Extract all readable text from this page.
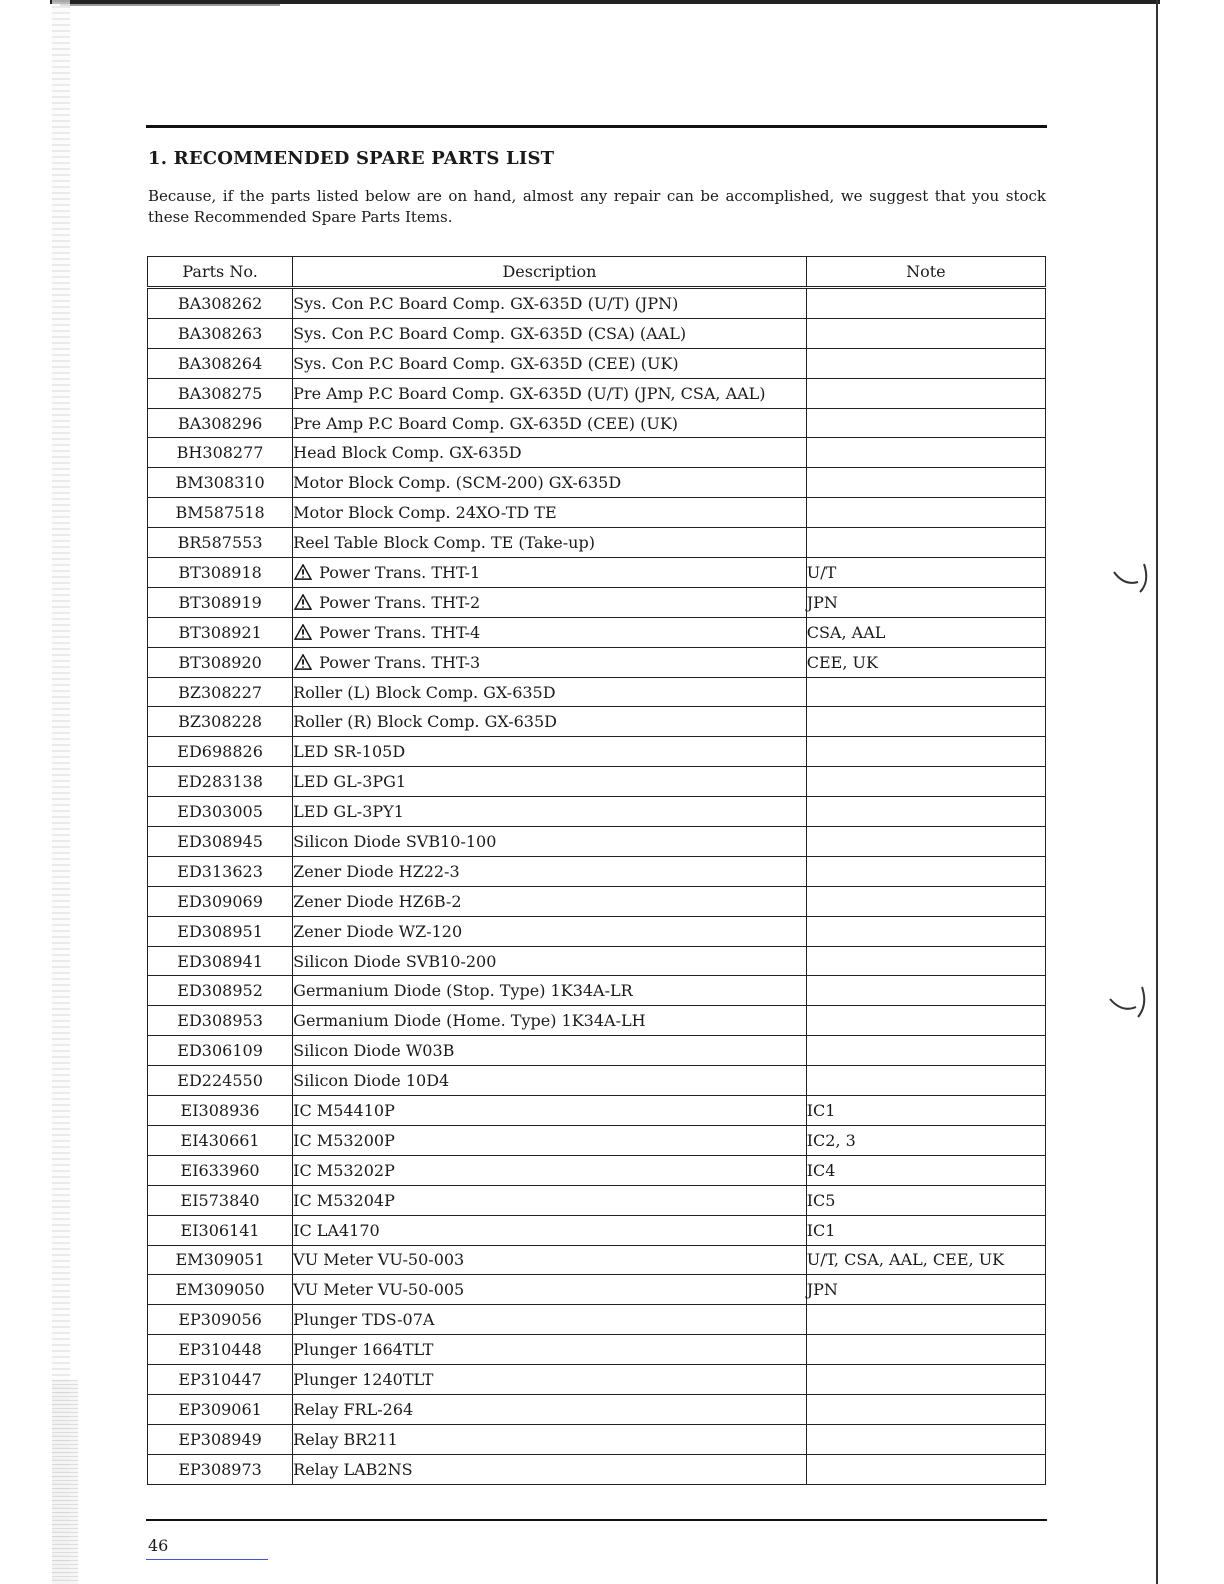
1. RECOMMENDED SPARE PARTS LIST
Because, if the parts listed below are on hand, almost any repair can be accomplished, we suggest that you stock these Recommended Spare Parts Items.
Parts No.	Description	Note
BA308262	Sys. Con P.C Board Comp. GX-635D (U/T) (JPN)	
BA308263	Sys. Con P.C Board Comp. GX-635D (CSA) (AAL)	
BA308264	Sys. Con P.C Board Comp. GX-635D (CEE) (UK)	
BA308275	Pre Amp P.C Board Comp. GX-635D (U/T) (JPN, CSA, AAL)	
BA308296	Pre Amp P.C Board Comp. GX-635D (CEE) (UK)	
BH308277	Head Block Comp. GX-635D	
BM308310	Motor Block Comp. (SCM-200) GX-635D	
BM587518	Motor Block Comp. 24XO-TD TE	
BR587553	Reel Table Block Comp. TE (Take-up)	
BT308918	Power Trans. THT-1	U/T
BT308919	Power Trans. THT-2	JPN
BT308921	Power Trans. THT-4	CSA, AAL
BT308920	Power Trans. THT-3	CEE, UK
BZ308227	Roller (L) Block Comp. GX-635D	
BZ308228	Roller (R) Block Comp. GX-635D	
ED698826	LED SR-105D	
ED283138	LED GL-3PG1	
ED303005	LED GL-3PY1	
ED308945	Silicon Diode SVB10-100	
ED313623	Zener Diode HZ22-3	
ED309069	Zener Diode HZ6B-2	
ED308951	Zener Diode WZ-120	
ED308941	Silicon Diode SVB10-200	
ED308952	Germanium Diode (Stop. Type) 1K34A-LR	
ED308953	Germanium Diode (Home. Type) 1K34A-LH	
ED306109	Silicon Diode W03B	
ED224550	Silicon Diode 10D4	
EI308936	IC M54410P	IC1
EI430661	IC M53200P	IC2, 3
EI633960	IC M53202P	IC4
EI573840	IC M53204P	IC5
EI306141	IC LA4170	IC1
EM309051	VU Meter VU-50-003	U/T, CSA, AAL, CEE, UK
EM309050	VU Meter VU-50-005	JPN
EP309056	Plunger TDS-07A	
EP310448	Plunger 1664TLT	
EP310447	Plunger 1240TLT	
EP309061	Relay FRL-264	
EP308949	Relay BR211	
EP308973	Relay LAB2NS	
46
